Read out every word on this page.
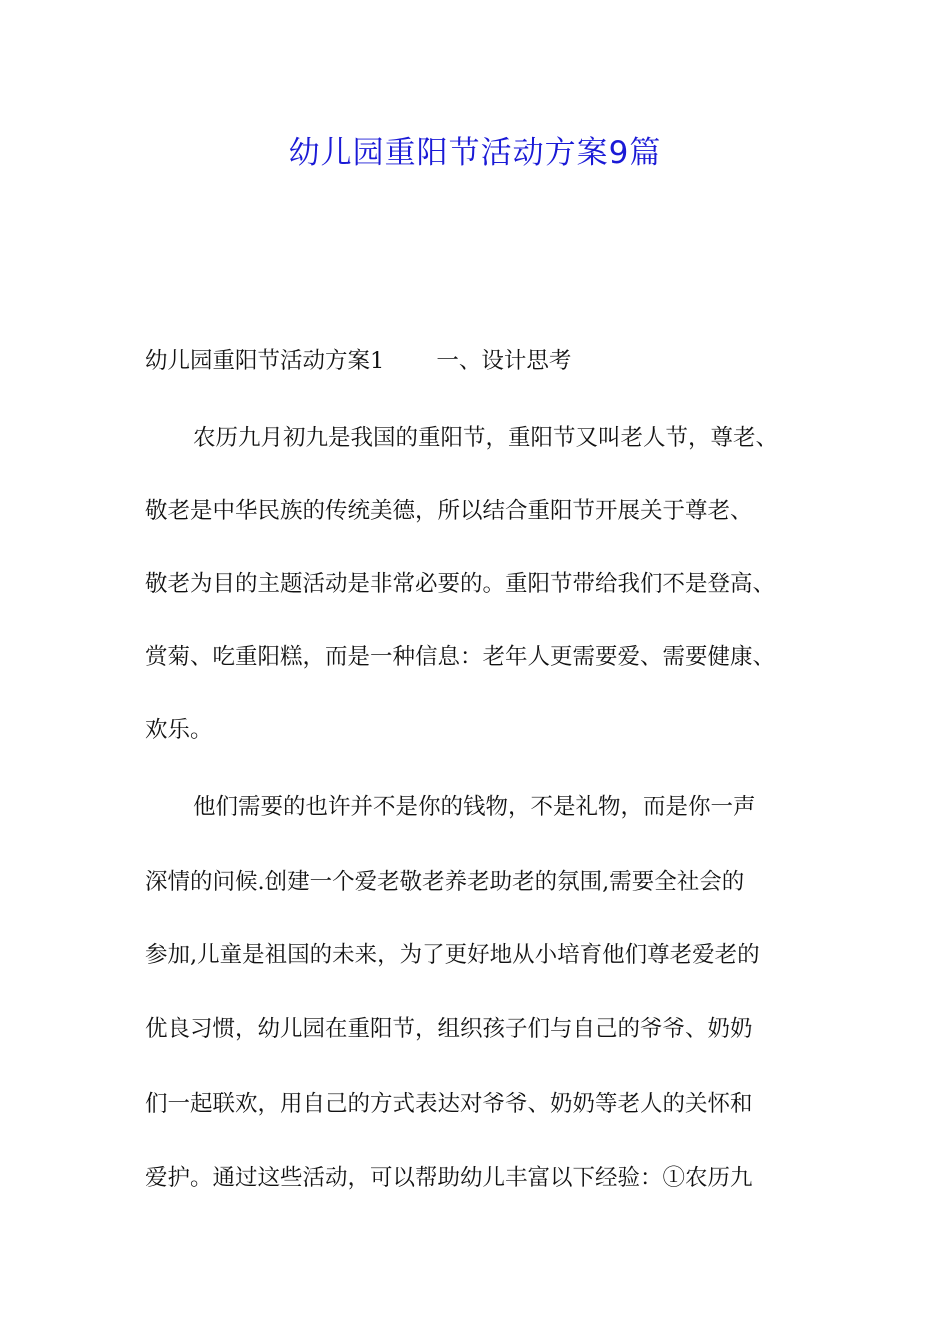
幼儿园重阳节活动方案9篇

幼儿园重阳节活动方案1 一、设计思考

农历九月初九是我国的重阳节，重阳节又叫老人节，尊老、

敬老是中华民族的传统美德，所以结合重阳节开展关于尊老、

敬老为目的主题活动是非常必要的。重阳节带给我们不是登高、

赏菊、吃重阳糕，而是一种信息：老年人更需要爱、需要健康、

欢乐。

他们需要的也许并不是你的钱物，不是礼物，而是你一声

深情的问候.创建一个爱老敬老养老助老的氛围,需要全社会的

参加,儿童是祖国的未来，为了更好地从小培育他们尊老爱老的

优良习惯，幼儿园在重阳节，组织孩子们与自己的爷爷、奶奶

们一起联欢，用自己的方式表达对爷爷、奶奶等老人的关怀和

爱护。通过这些活动，可以帮助幼儿丰富以下经验：①农历九
